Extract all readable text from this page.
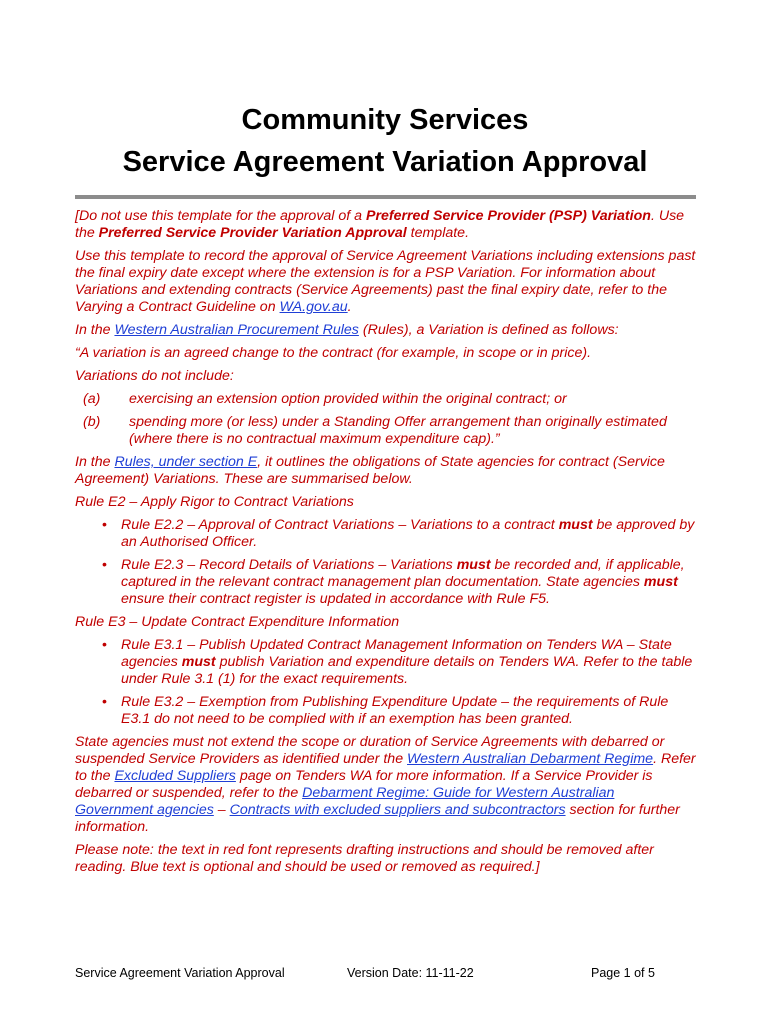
Community Services
Service Agreement Variation Approval

[Do not use this template for the approval of a Preferred Service Provider (PSP) Variation. Use the Preferred Service Provider Variation Approval template.

Use this template to record the approval of Service Agreement Variations including extensions past the final expiry date except where the extension is for a PSP Variation. For information about Variations and extending contracts (Service Agreements) past the final expiry date, refer to the Varying a Contract Guideline on WA.gov.au.

In the Western Australian Procurement Rules (Rules), a Variation is defined as follows:

“A variation is an agreed change to the contract (for example, in scope or in price).

Variations do not include:

(a)	exercising an extension option provided within the original contract; or
(b)	spending more (or less) under a Standing Offer arrangement than originally estimated (where there is no contractual maximum expenditure cap).”

In the Rules, under section E, it outlines the obligations of State agencies for contract (Service Agreement) Variations. These are summarised below.

Rule E2 – Apply Rigor to Contract Variations

• Rule E2.2 – Approval of Contract Variations – Variations to a contract must be approved by an Authorised Officer.
• Rule E2.3 – Record Details of Variations – Variations must be recorded and, if applicable, captured in the relevant contract management plan documentation. State agencies must ensure their contract register is updated in accordance with Rule F5.

Rule E3 – Update Contract Expenditure Information

• Rule E3.1 – Publish Updated Contract Management Information on Tenders WA – State agencies must publish Variation and expenditure details on Tenders WA. Refer to the table under Rule 3.1 (1) for the exact requirements.
• Rule E3.2 – Exemption from Publishing Expenditure Update – the requirements of Rule E3.1 do not need to be complied with if an exemption has been granted.

State agencies must not extend the scope or duration of Service Agreements with debarred or suspended Service Providers as identified under the Western Australian Debarment Regime. Refer to the Excluded Suppliers page on Tenders WA for more information. If a Service Provider is debarred or suspended, refer to the Debarment Regime: Guide for Western Australian Government agencies – Contracts with excluded suppliers and subcontractors section for further information.

Please note: the text in red font represents drafting instructions and should be removed after reading. Blue text is optional and should be used or removed as required.]

Service Agreement Variation Approval	Version Date: 11-11-22	Page 1 of 5
